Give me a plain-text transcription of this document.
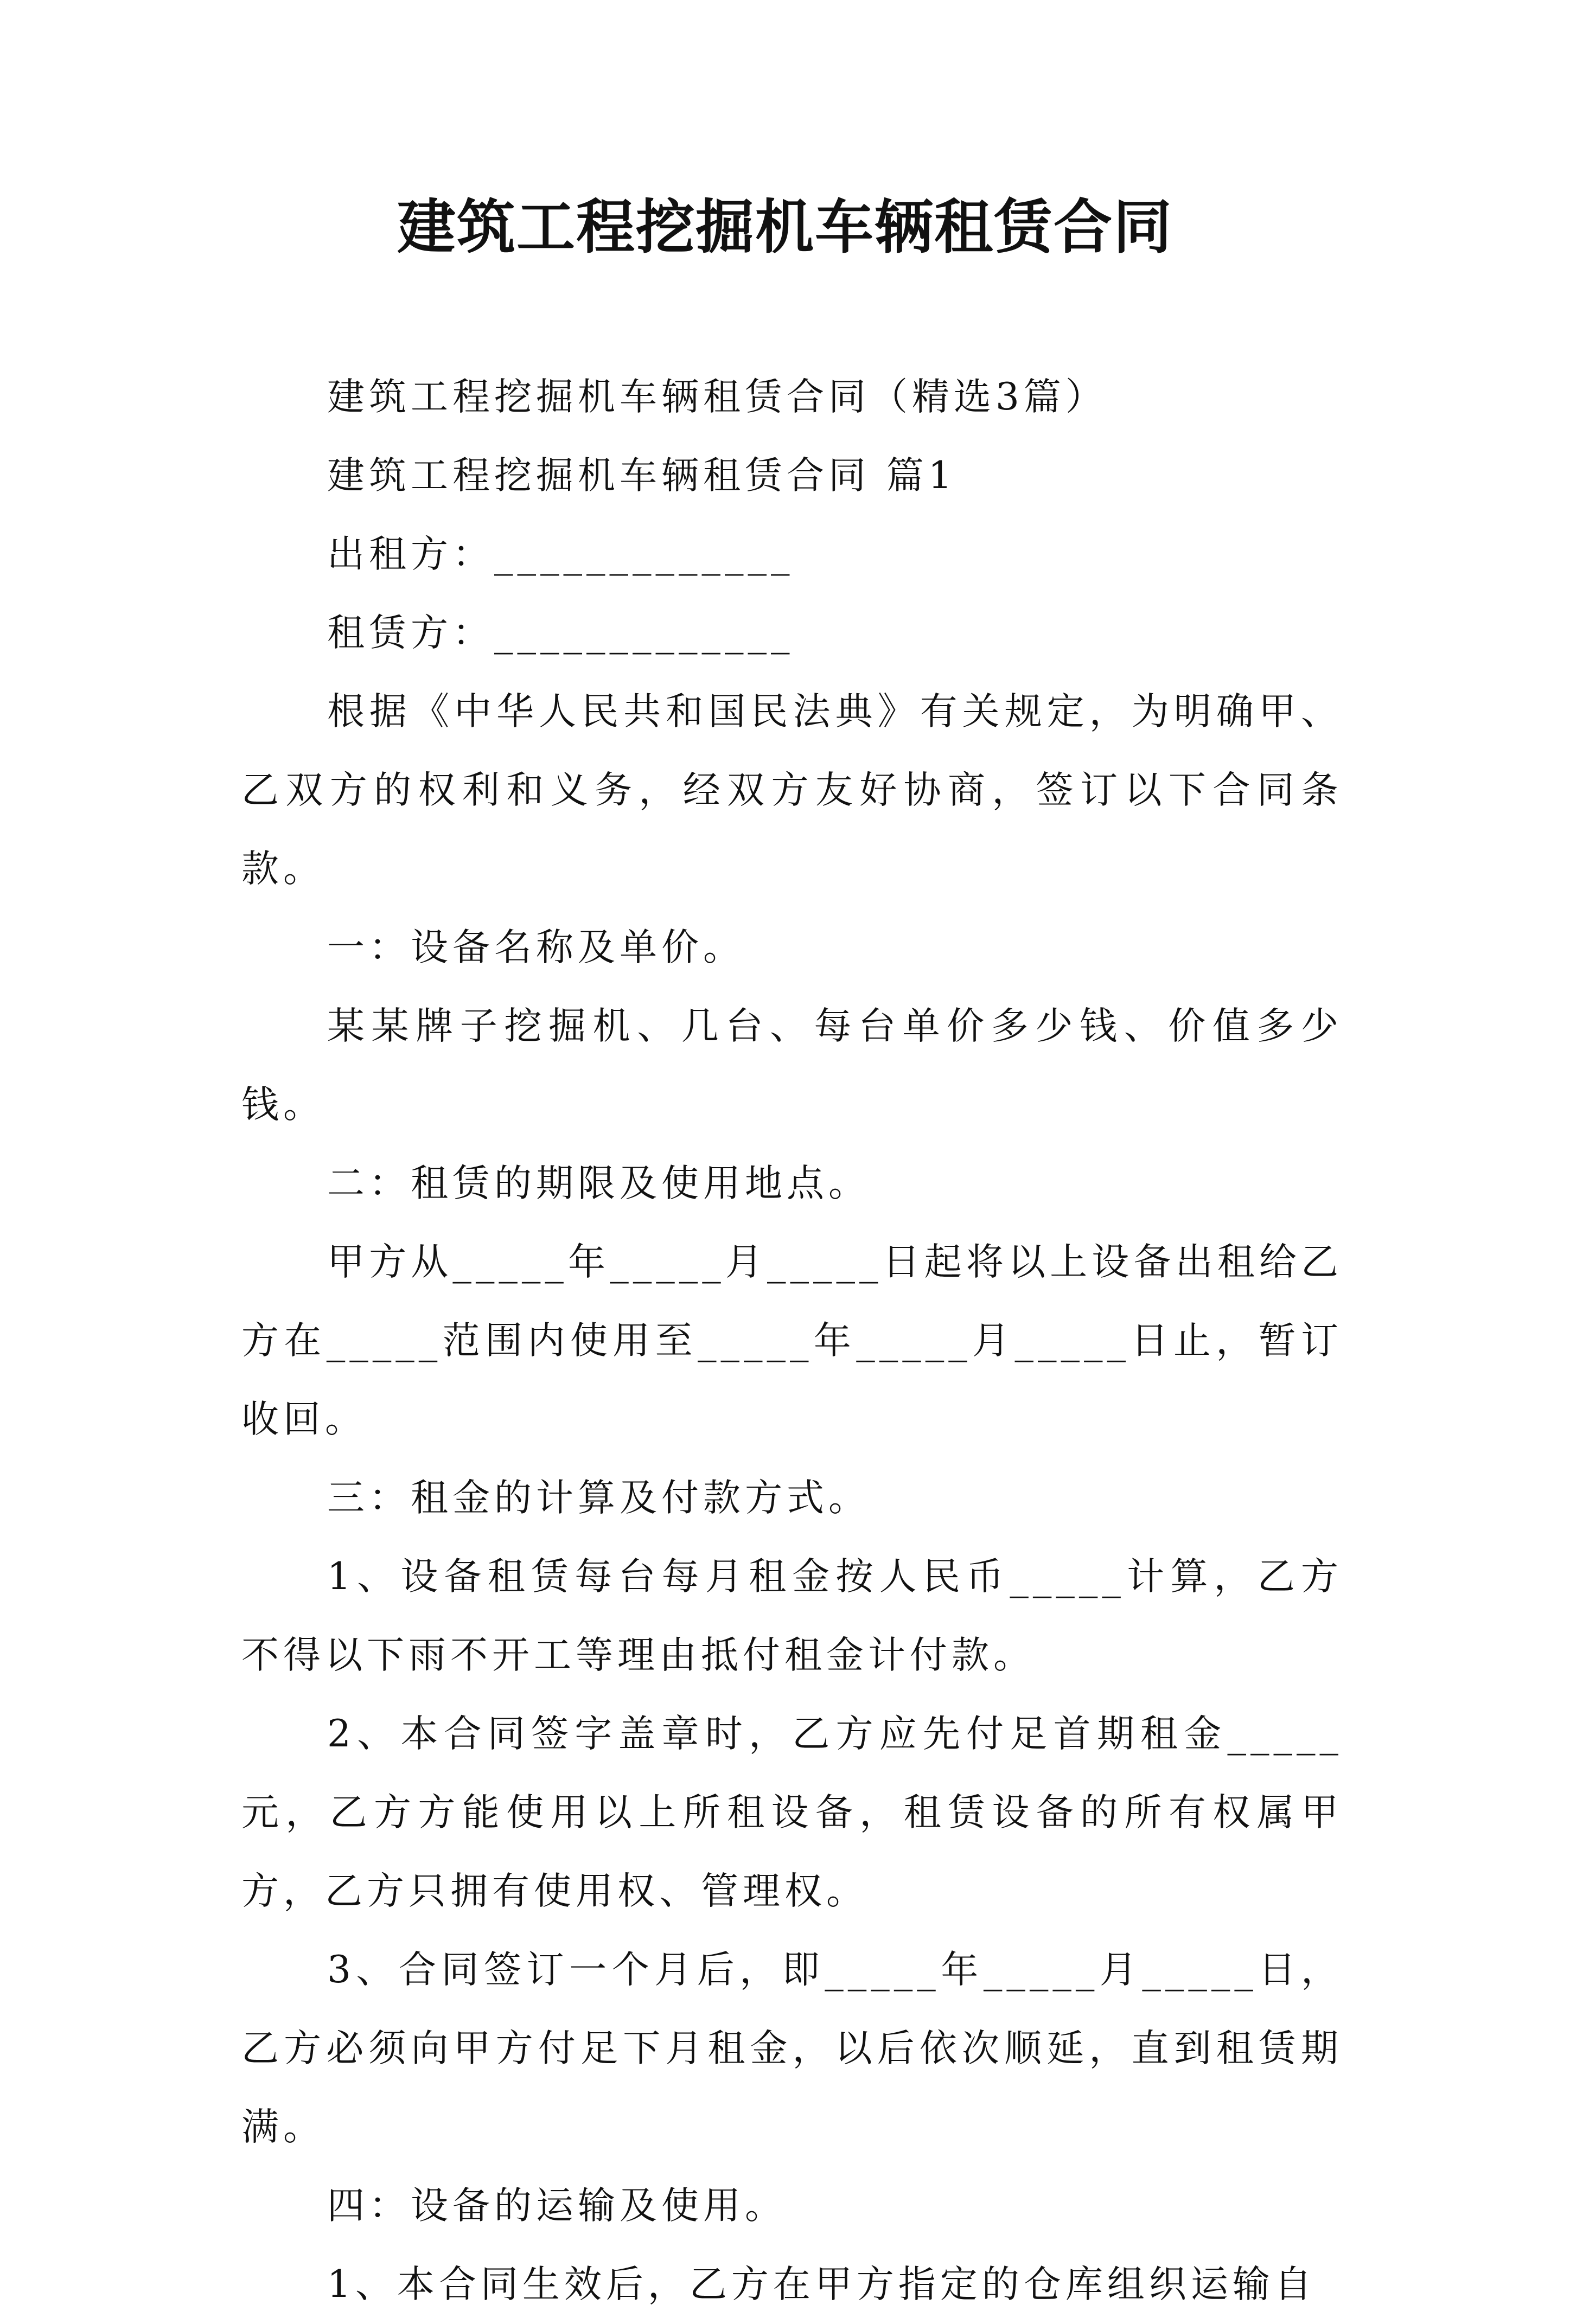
建筑工程挖掘机车辆租赁合同

建筑工程挖掘机车辆租赁合同（精选3篇）

建筑工程挖掘机车辆租赁合同 篇1

出租方：_____________

租赁方：_____________

根据《中华人民共和国民法典》有关规定，为明确甲、乙双方的权利和义务，经双方友好协商，签订以下合同条款。

一：设备名称及单价。

某某牌子挖掘机、几台、每台单价多少钱、价值多少钱。

二：租赁的期限及使用地点。

甲方从_____年_____月_____日起将以上设备出租给乙方在_____范围内使用至_____年_____月_____日止，暂订收回。

三：租金的计算及付款方式。

1、设备租赁每台每月租金按人民币_____计算，乙方不得以下雨不开工等理由抵付租金计付款。

2、本合同签字盖章时，乙方应先付足首期租金_____元，乙方方能使用以上所租设备，租赁设备的所有权属甲方，乙方只拥有使用权、管理权。

3、合同签订一个月后，即_____年_____月_____日，乙方必须向甲方付足下月租金，以后依次顺延，直到租赁期满。

四：设备的运输及使用。

1、本合同生效后，乙方在甲方指定的仓库组织运输自
